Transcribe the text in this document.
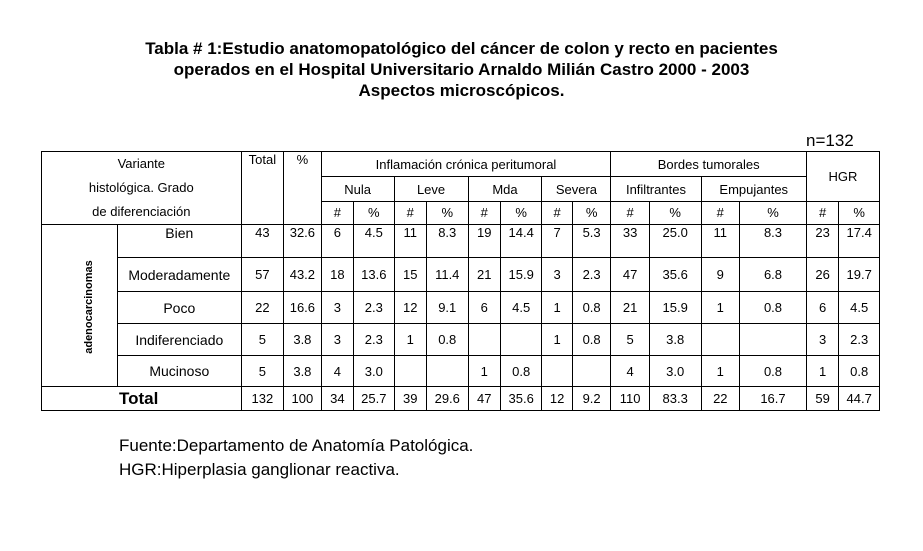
Tabla # 1:Estudio anatomopatológico del cáncer de colon y recto en pacientes
operados en el Hospital Universitario Arnaldo Milián Castro 2000 - 2003
Aspectos microscópicos.
n=132
Variante
histológica. Grado
de diferenciación		Total	%	Inflamación crónica peritumoral								Bordes tumorales				HGR	
				Nula		Leve		Mda		Severa		Infiltrantes		Empujantes			
				#	%	#	%	#	%	#	%	#	%	#	%	#	%
adenocarcinomas	Bien	43	32.6	6	4.5	11	8.3	19	14.4	7	5.3	33	25.0	11	8.3	23	17.4
	Moderadamente	57	43.2	18	13.6	15	11.4	21	15.9	3	2.3	47	35.6	9	6.8	26	19.7
	Poco	22	16.6	3	2.3	12	9.1	6	4.5	1	0.8	21	15.9	1	0.8	6	4.5
	Indiferenciado	5	3.8	3	2.3	1	0.8			1	0.8	5	3.8			3	2.3
	Mucinoso	5	3.8	4	3.0			1	0.8			4	3.0	1	0.8	1	0.8
Total		132	100	34	25.7	39	29.6	47	35.6	12	9.2	110	83.3	22	16.7	59	44.7
Fuente:Departamento de Anatomía Patológica.
HGR:Hiperplasia ganglionar reactiva.
